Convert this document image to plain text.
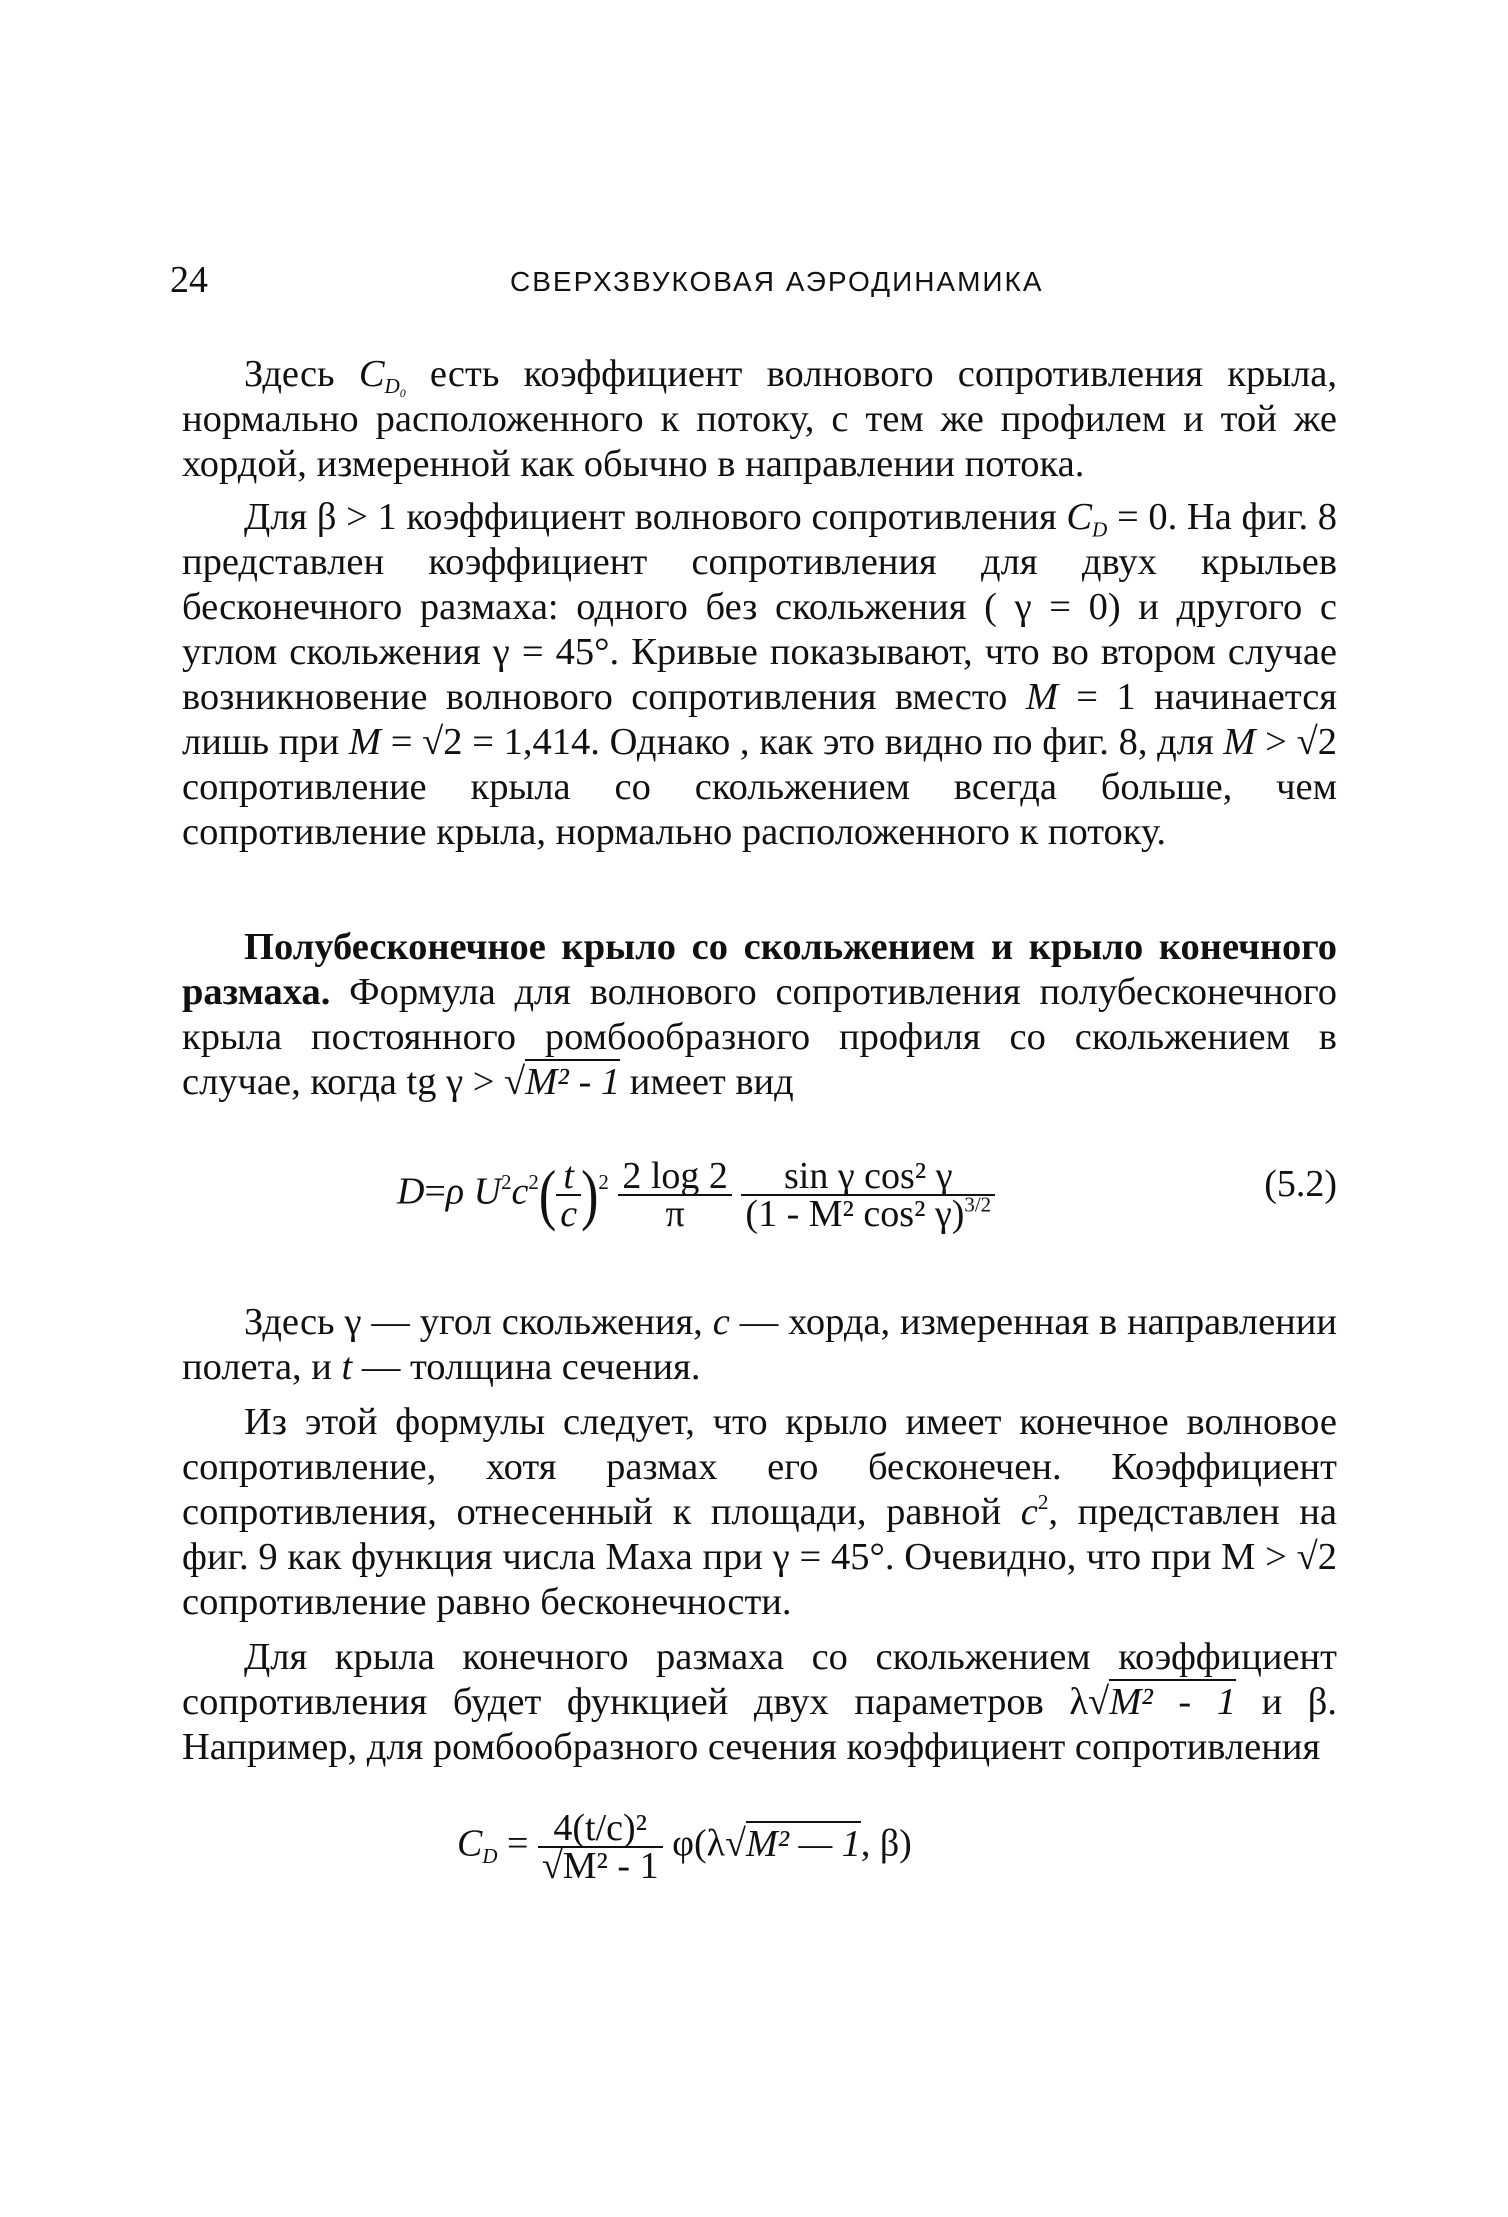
24	СВЕРХЗВУКОВАЯ АЭРОДИНАМИКА

Здесь $C_{D_0}$ есть коэффициент волнового сопротивления крыла, нормально расположенного к потоку, с тем же профилем и той же хордой, измеренной как обычно в направлении потока.

Для β > 1 коэффициент волнового сопротивления $C_D = 0$. На фиг. 8 представлен коэффициент сопротивления для двух крыльев бесконечного размаха: одного без скольжения ( γ = 0) и другого с углом скольжения γ = 45°. Кривые показывают, что во втором случае возникновение волнового сопротивления вместо M = 1 начинается лишь при M = √2 = 1,414. Однако , как это видно по фиг. 8, для M > √2 сопротивление крыла со скольжением всегда больше, чем сопротивление крыла, нормально расположенного к потоку.

Полубесконечное крыло со скольжением и крыло конечного размаха. Формула для волнового сопротивления полубесконечного крыла постоянного ромбообразного профиля со скольжением в случае, когда tg γ > √M² - 1 имеет вид

D=ρ $U^2c^2( \frac{t}{c} )^2 \frac{2 \log 2}{\pi}$
$\frac{\text{sin γ cos² γ}}{(1 - M^2 \cos^2 \gamma)^{3/2}}$	(5.2)

Здесь γ — угол скольжения, c — хорда, измеренная в направлении полета, и t — толщина сечения.

Из этой формулы следует, что крыло имеет конечное волновое сопротивление, хотя размах его бесконечен. Коэффициент сопротивления, отнесенный к площади, равной $c^2$, представлен на фиг. 9 как функция числа Маха при γ = 45°. Очевидно, что при M > √2 сопротивление равно бесконечности.

Для крыла конечного размаха со скольжением коэффициент сопротивления будет функцией двух параметров λ√M² - 1 и β. Например, для ромбообразного сечения коэффициент сопротивления

$C_D = \frac{\text{4(t/c)²}}{\text{√M² - 1}} \varphi(\lambda√M^2$ — 1, β)
